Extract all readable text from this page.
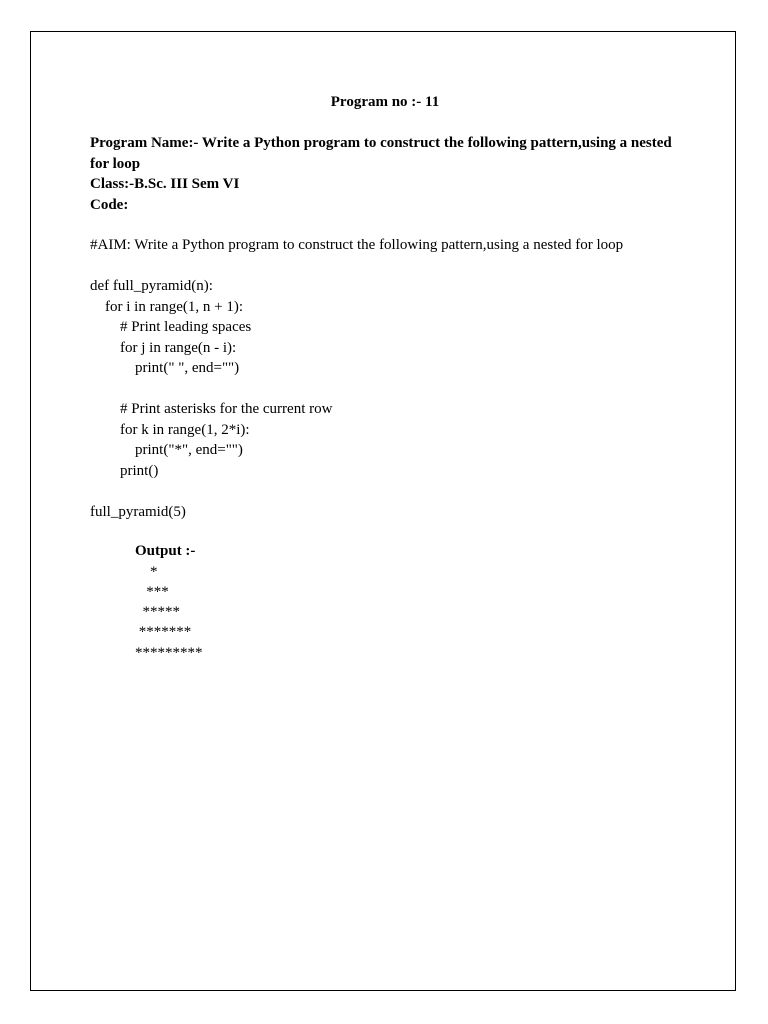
Program no :- 11
Program Name:- Write a Python program to construct the following pattern,using a nested
for loop
Class:-B.Sc. III Sem VI
Code:
#AIM: Write a Python program to construct the following pattern,using a nested for loop
def full_pyramid(n):
for i in range(1, n + 1):
# Print leading spaces
for j in range(n - i):
print(" ", end="")
# Print asterisks for the current row
for k in range(1, 2*i):
print("*", end="")
print()
full_pyramid(5)
Output :-
*
***
*****
*******
*********
